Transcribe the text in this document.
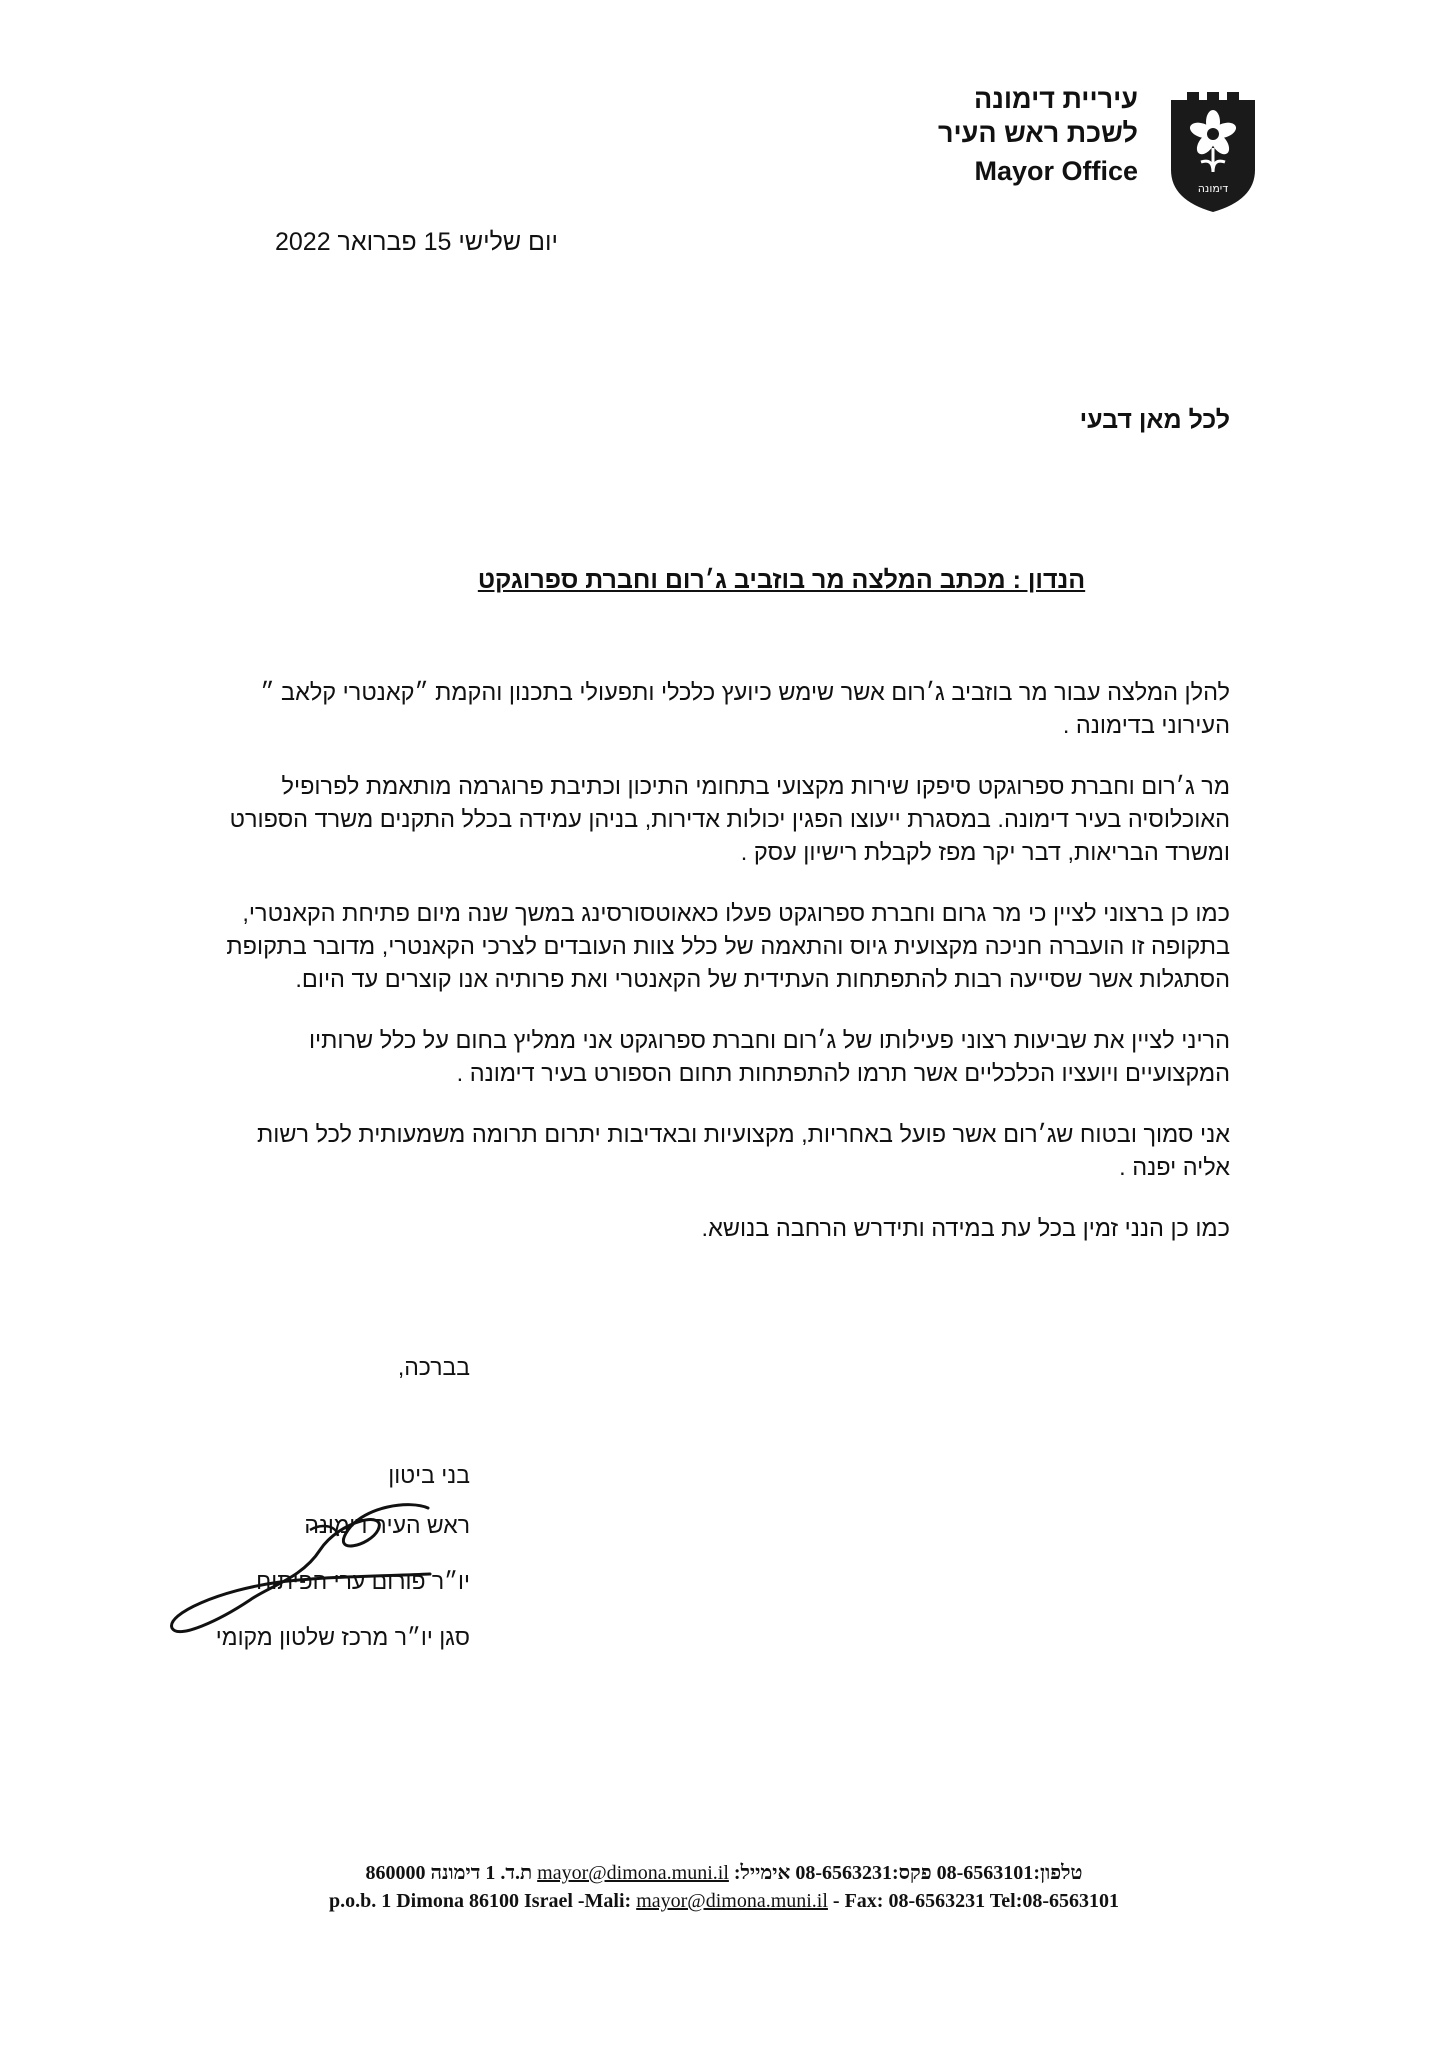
דימונה
עיריית דימונה
לשכת ראש העיר
Mayor Office
יום שלישי 15 פברואר 2022
לכל מאן דבעי
הנדון : מכתב המלצה מר בוזביב ג׳רום וחברת ספרוגקט

להלן המלצה עבור מר בוזביב ג׳רום אשר שימש כיועץ כלכלי ותפעולי בתכנון והקמת ״קאנטרי קלאב ״ העירוני בדימונה .

מר ג׳רום וחברת ספרוגקט סיפקו שירות מקצועי בתחומי התיכון וכתיבת פרוגרמה מותאמת לפרופיל האוכלוסיה בעיר דימונה. במסגרת ייעוצו הפגין יכולות אדירות, בניהן עמידה בכלל התקנים משרד הספורט ומשרד הבריאות, דבר יקר מפז לקבלת רישיון עסק .

כמו כן ברצוני לציין כי מר גרום וחברת ספרוגקט פעלו כאאוטסורסינג במשך שנה מיום פתיחת הקאנטרי, בתקופה זו הועברה חניכה מקצועית גיוס והתאמה של כלל צוות העובדים לצרכי הקאנטרי, מדובר בתקופת הסתגלות אשר שסייעה רבות להתפתחות העתידית של הקאנטרי ואת פרותיה אנו קוצרים עד היום.

הריני לציין את שביעות רצוני פעילותו של ג׳רום וחברת ספרוגקט אני ממליץ בחום על כלל שרותיו המקצועיים ויועציו הכלכליים אשר תרמו להתפתחות תחום הספורט בעיר דימונה .

אני סמוך ובטוח שג׳רום אשר פועל באחריות, מקצועיות ובאדיבות יתרום תרומה משמעותית לכל רשות אליה יפנה .

כמו כן הנני זמין בכל עת במידה ותידרש הרחבה בנושא.

בברכה,
בני ביטון
ראש העיר דימונה
יו״ר פורום ערי הפיתוח
סגן יו״ר מרכז שלטון מקומי
טלפון:08-6563101 פקס:08-6563231 אימייל: mayor@dimona.muni.il ת.ד. 1 דימונה 860000
p.o.b. 1 Dimona 86100 Israel -Mali: mayor@dimona.muni.il - Fax: 08-6563231 Tel:08-6563101
